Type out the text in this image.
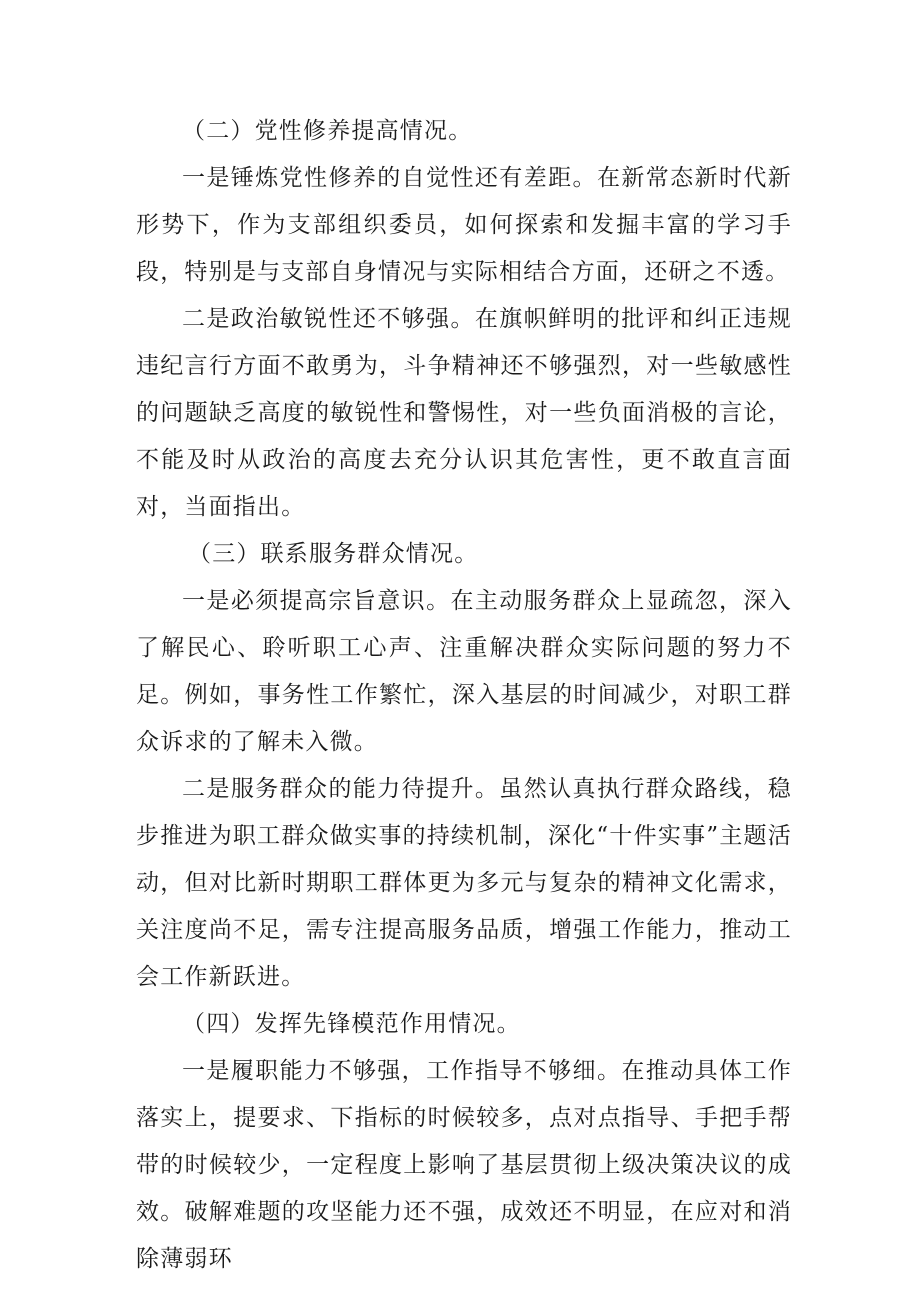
（二）党性修养提高情况。

一是锤炼党性修养的自觉性还有差距。在新常态新时代新形势下，作为支部组织委员，如何探索和发掘丰富的学习手段，特别是与支部自身情况与实际相结合方面，还研之不透。

二是政治敏锐性还不够强。在旗帜鲜明的批评和纠正违规违纪言行方面不敢勇为，斗争精神还不够强烈，对一些敏感性的问题缺乏高度的敏锐性和警惕性，对一些负面消极的言论，不能及时从政治的高度去充分认识其危害性，更不敢直言面对，当面指出。

（三）联系服务群众情况。

一是必须提高宗旨意识。在主动服务群众上显疏忽，深入了解民心、聆听职工心声、注重解决群众实际问题的努力不足。例如，事务性工作繁忙，深入基层的时间减少，对职工群众诉求的了解未入微。

二是服务群众的能力待提升。虽然认真执行群众路线，稳步推进为职工群众做实事的持续机制，深化“十件实事”主题活动，但对比新时期职工群体更为多元与复杂的精神文化需求，关注度尚不足，需专注提高服务品质，增强工作能力，推动工会工作新跃进。

（四）发挥先锋模范作用情况。

一是履职能力不够强，工作指导不够细。在推动具体工作落实上，提要求、下指标的时候较多，点对点指导、手把手帮带的时候较少，一定程度上影响了基层贯彻上级决策决议的成效。破解难题的攻坚能力还不强，成效还不明显，在应对和消除薄弱环
